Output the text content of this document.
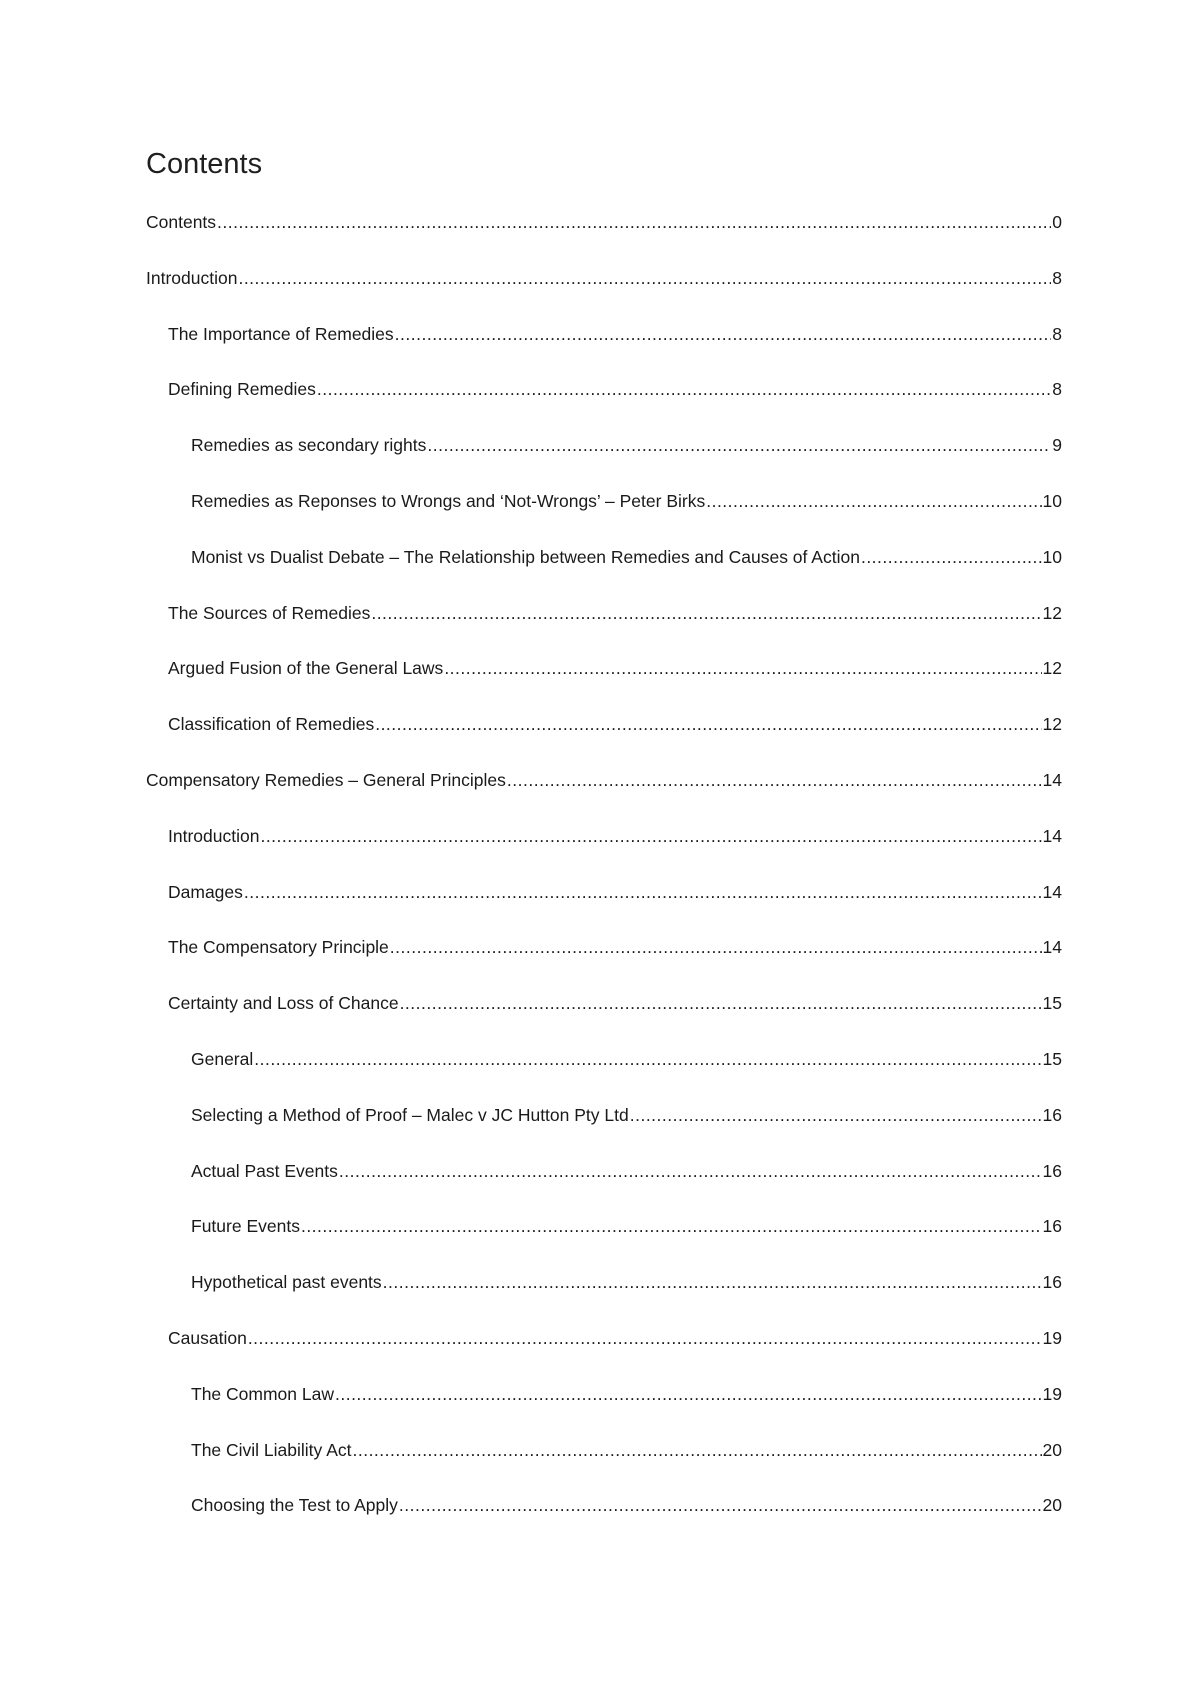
Contents
Contents .....	0
Introduction .....	8
The Importance of Remedies .....	8
Defining Remedies .....	8
Remedies as secondary rights .....	9
Remedies as Reponses to Wrongs and ‘Not-Wrongs’ – Peter Birks .....	10
Monist vs Dualist Debate – The Relationship between Remedies and Causes of Action .....	10
The Sources of Remedies .....	12
Argued Fusion of the General Laws .....	12
Classification of Remedies .....	12
Compensatory Remedies – General Principles .....	14
Introduction .....	14
Damages .....	14
The Compensatory Principle .....	14
Certainty and Loss of Chance .....	15
General .....	15
Selecting a Method of Proof – Malec v JC Hutton Pty Ltd .....	16
Actual Past Events .....	16
Future Events .....	16
Hypothetical past events .....	16
Causation .....	19
The Common Law .....	19
The Civil Liability Act .....	20
Choosing the Test to Apply .....	20
